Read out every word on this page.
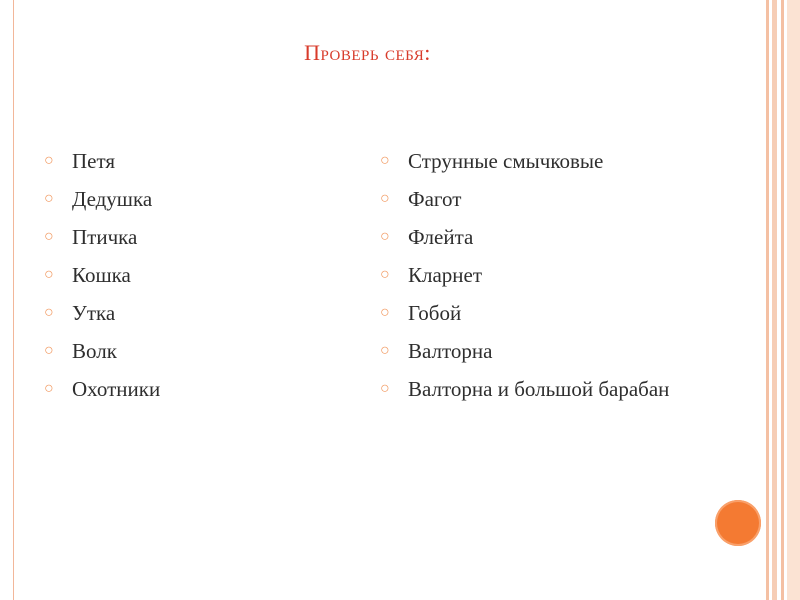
Проверь себя:
○ Петя
○ Дедушка
○ Птичка
○ Кошка
○ Утка
○ Волк
○ Охотники
○ Струнные смычковые
○ Фагот
○ Флейта
○ Кларнет
○ Гобой
○ Валторна
○ Валторна и большой барабан
